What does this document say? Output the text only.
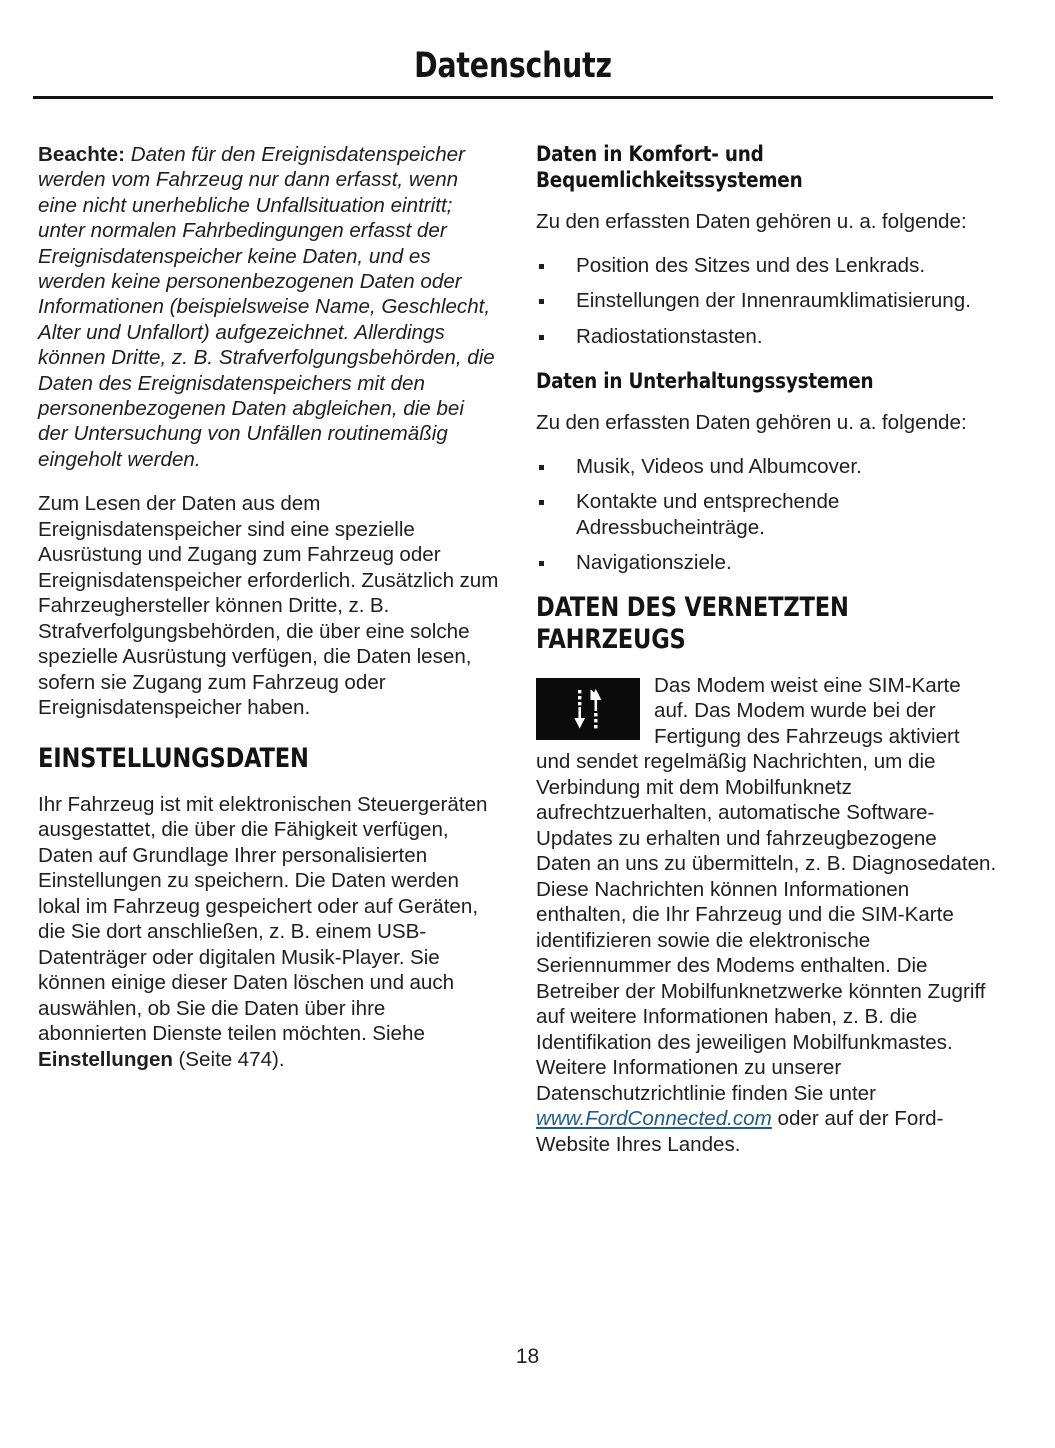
Datenschutz

Beachte: Daten für den Ereignisdatenspeicher werden vom Fahrzeug nur dann erfasst, wenn eine nicht unerhebliche Unfallsituation eintritt; unter normalen Fahrbedingungen erfasst der Ereignisdatenspeicher keine Daten, und es werden keine personenbezogenen Daten oder Informationen (beispielsweise Name, Geschlecht, Alter und Unfallort) aufgezeichnet. Allerdings können Dritte, z. B. Strafverfolgungsbehörden, die Daten des Ereignisdatenspeichers mit den personenbezogenen Daten abgleichen, die bei der Untersuchung von Unfällen routinemäßig eingeholt werden.

Zum Lesen der Daten aus dem Ereignisdatenspeicher sind eine spezielle Ausrüstung und Zugang zum Fahrzeug oder Ereignisdatenspeicher erforderlich. Zusätzlich zum Fahrzeughersteller können Dritte, z. B. Strafverfolgungsbehörden, die über eine solche spezielle Ausrüstung verfügen, die Daten lesen, sofern sie Zugang zum Fahrzeug oder Ereignisdatenspeicher haben.

EINSTELLUNGSDATEN

Ihr Fahrzeug ist mit elektronischen Steuergeräten ausgestattet, die über die Fähigkeit verfügen, Daten auf Grundlage Ihrer personalisierten Einstellungen zu speichern. Die Daten werden lokal im Fahrzeug gespeichert oder auf Geräten, die Sie dort anschließen, z. B. einem USB-Datenträger oder digitalen Musik-Player. Sie können einige dieser Daten löschen und auch auswählen, ob Sie die Daten über ihre abonnierten Dienste teilen möchten. Siehe Einstellungen (Seite 474).

Daten in Komfort- und Bequemlichkeitssystemen

Zu den erfassten Daten gehören u. a. folgende:

Position des Sitzes und des Lenkrads.
Einstellungen der Innenraumklimatisierung.
Radiostationstasten.
Daten in Unterhaltungssystemen

Zu den erfassten Daten gehören u. a. folgende:

Musik, Videos und Albumcover.
Kontakte und entsprechende Adressbucheinträge.
Navigationsziele.
DATEN DES VERNETZTEN FAHRZEUGS

Das Modem weist eine SIM-Karte auf. Das Modem wurde bei der Fertigung des Fahrzeugs aktiviert und sendet regelmäßig Nachrichten, um die Verbindung mit dem Mobilfunknetz aufrechtzuerhalten, automatische Software-Updates zu erhalten und fahrzeugbezogene Daten an uns zu übermitteln, z. B. Diagnosedaten. Diese Nachrichten können Informationen enthalten, die Ihr Fahrzeug und die SIM-Karte identifizieren sowie die elektronische Seriennummer des Modems enthalten. Die Betreiber der Mobilfunknetzwerke könnten Zugriff auf weitere Informationen haben, z. B. die Identifikation des jeweiligen Mobilfunkmastes. Weitere Informationen zu unserer Datenschutzrichtlinie finden Sie unter www.FordConnected.com oder auf der Ford-Website Ihres Landes.

18
